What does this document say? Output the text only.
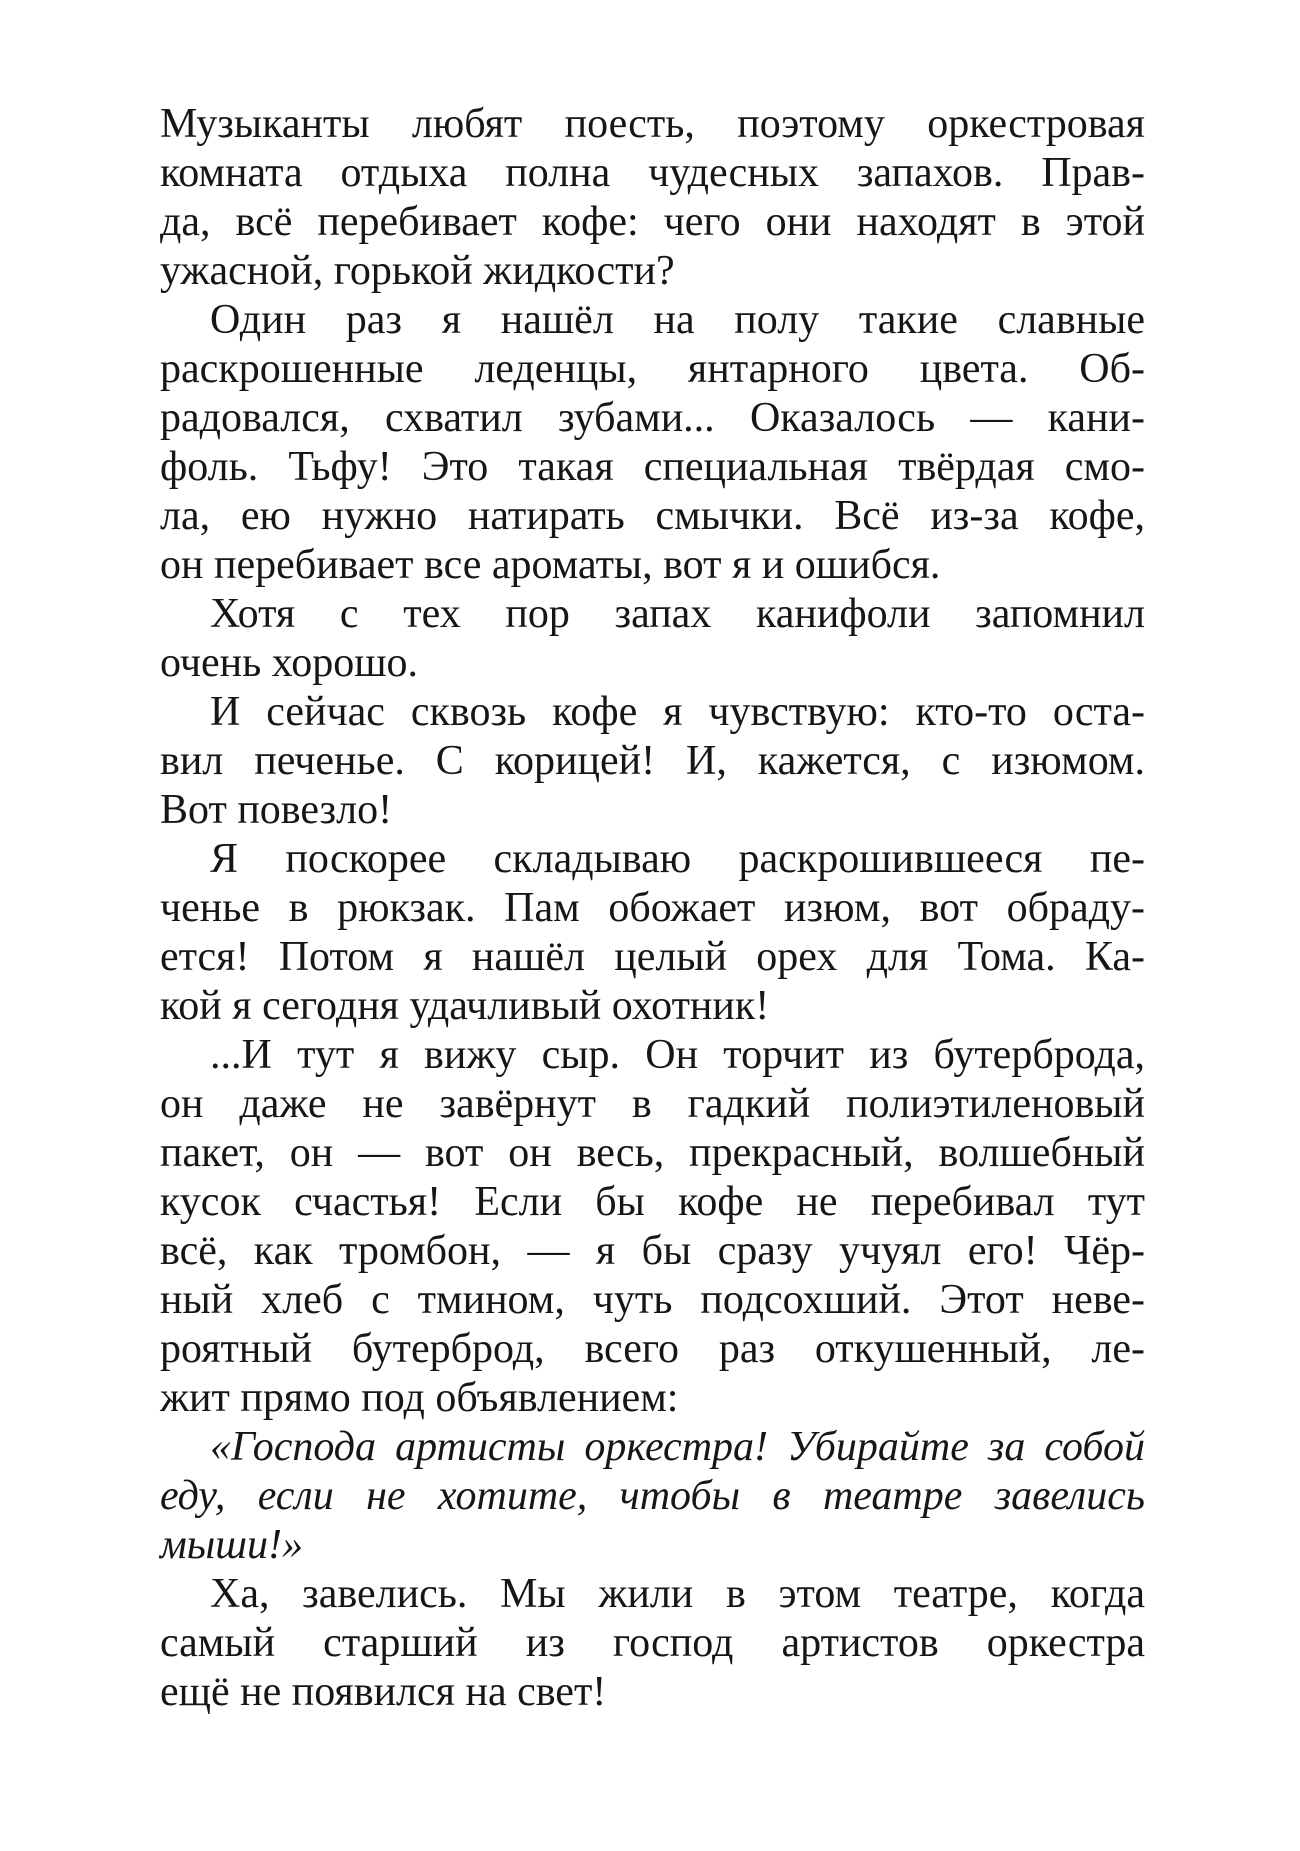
Музыканты любят поесть, поэтому оркестровая
комната отдыха полна чудесных запахов. Прав-
да, всё перебивает кофе: чего они находят в этой
ужасной, горькой жидкости?
Один раз я нашёл на полу такие славные
раскрошенные леденцы, янтарного цвета. Об-
радовался, схватил зубами... Оказалось — кани-
фоль. Тьфу! Это такая специальная твёрдая смо-
ла, ею нужно натирать смычки. Всё из-за кофе,
он перебивает все ароматы, вот я и ошибся.
Хотя с тех пор запах канифоли запомнил
очень хорошо.
И сейчас сквозь кофе я чувствую: кто-то оста-
вил печенье. С корицей! И, кажется, с изюмом.
Вот повезло!
Я поскорее складываю раскрошившееся пе-
ченье в рюкзак. Пам обожает изюм, вот обраду-
ется! Потом я нашёл целый орех для Тома. Ка-
кой я сегодня удачливый охотник!
...И тут я вижу сыр. Он торчит из бутерброда,
он даже не завёрнут в гадкий полиэтиленовый
пакет, он — вот он весь, прекрасный, волшебный
кусок счастья! Если бы кофе не перебивал тут
всё, как тромбон, — я бы сразу учуял его! Чёр-
ный хлеб с тмином, чуть подсохший. Этот неве-
роятный бутерброд, всего раз откушенный, ле-
жит прямо под объявлением:
«Господа артисты оркестра! Убирайте за собой
еду, если не хотите, чтобы в театре завелись мыши!»
Ха, завелись. Мы жили в этом театре, когда
самый старший из господ артистов оркестра
ещё не появился на свет!
